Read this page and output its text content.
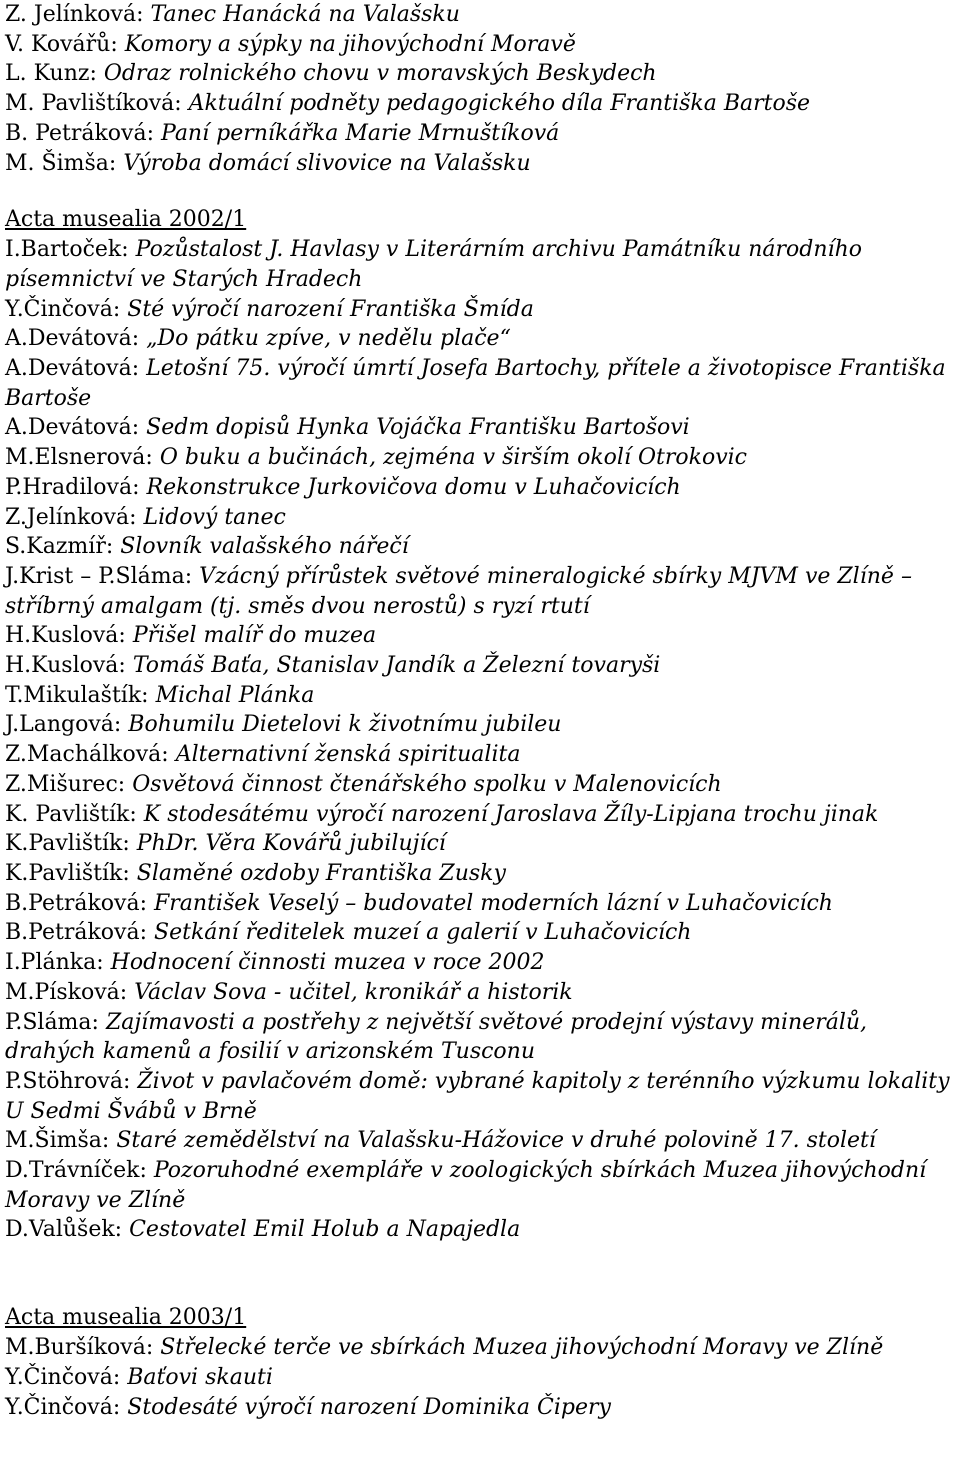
Z. Jelínková: Tanec Hanácká na Valašsku
V. Kovářů: Komory a sýpky na jihovýchodní Moravě
L. Kunz: Odraz rolnického chovu v moravských Beskydech
M. Pavlištíková: Aktuální podněty pedagogického díla Františka Bartoše
B. Petráková: Paní perníkářka Marie Mrnuštíková
M. Šimša: Výroba domácí slivovice na Valašsku
Acta musealia 2002/1
I.Bartoček: Pozůstalost J. Havlasy v Literárním archivu Památníku národního písemnictví ve Starých Hradech
Y.Činčová: Sté výročí narození Františka Šmída
A.Devátová: „Do pátku zpíve, v nedělu plače“
A.Devátová: Letošní 75. výročí úmrtí Josefa Bartochy, přítele a životopisce Františka Bartoše
A.Devátová: Sedm dopisů Hynka Vojáčka Františku Bartošovi
M.Elsnerová: O buku a bučinách, zejména v širším okolí Otrokovic
P.Hradilová: Rekonstrukce Jurkovičova domu v Luhačovicích
Z.Jelínková: Lidový tanec
S.Kazmíř: Slovník valašského nářečí
J.Krist – P.Sláma: Vzácný přírůstek světové mineralogické sbírky MJVM ve Zlíně – stříbrný amalgam (tj. směs dvou nerostů) s ryzí rtutí
H.Kuslová: Přišel malíř do muzea
H.Kuslová: Tomáš Baťa, Stanislav Jandík a Železní tovaryši
T.Mikulaštík: Michal Plánka
J.Langová: Bohumilu Dietelovi k životnímu jubileu
Z.Machálková: Alternativní ženská spiritualita
Z.Mišurec: Osvětová činnost čtenářského spolku v Malenovicích
K. Pavlištík: K stodesátému výročí narození Jaroslava Žíly-Lipjana trochu jinak
K.Pavlištík: PhDr. Věra Kovářů jubilující
K.Pavlištík: Slaměné ozdoby Františka Zusky
B.Petráková: František Veselý – budovatel moderních lázní v Luhačovicích
B.Petráková: Setkání ředitelek muzeí a galerií v Luhačovicích
I.Plánka: Hodnocení činnosti muzea v roce 2002
M.Písková: Václav Sova - učitel, kronikář a historik
P.Sláma: Zajímavosti a postřehy z největší světové prodejní výstavy minerálů, drahých kamenů a fosilií v arizonském Tusconu
P.Stöhrová: Život v pavlačovém domě: vybrané kapitoly z terénního výzkumu lokality U Sedmi Švábů v Brně
M.Šimša: Staré zemědělství na Valašsku-Hážovice v druhé polovině 17. století
D.Trávníček: Pozoruhodné exempláře v zoologických sbírkách Muzea jihovýchodní Moravy ve Zlíně
D.Valůšek: Cestovatel Emil Holub a Napajedla
Acta musealia 2003/1
M.Buršíková: Střelecké terče ve sbírkách Muzea jihovýchodní Moravy ve Zlíně
Y.Činčová: Baťovi skauti
Y.Činčová: Stodesáté výročí narození Dominika Čipery
